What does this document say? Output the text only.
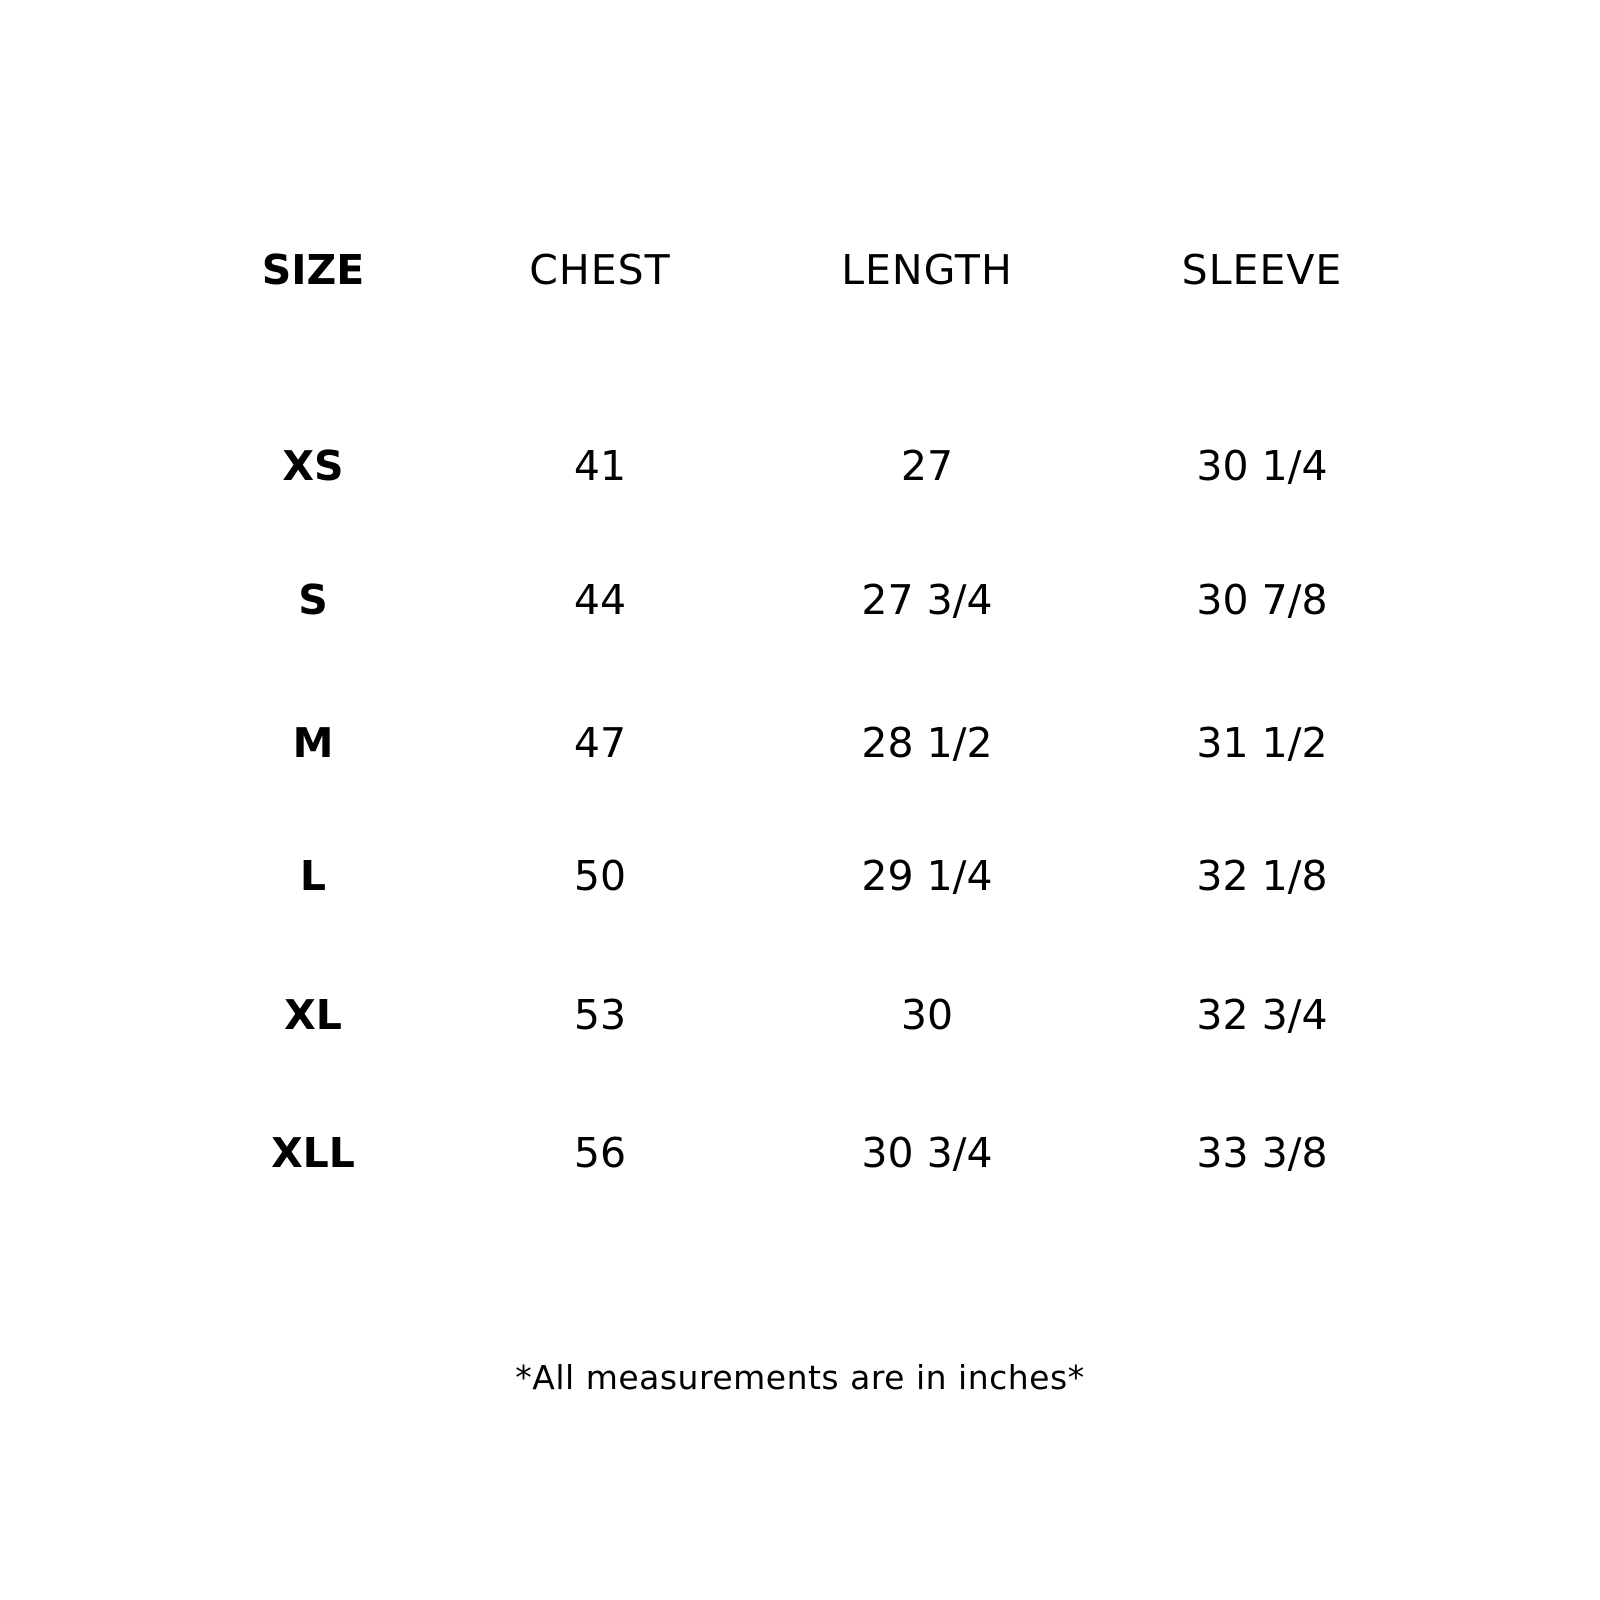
SIZE	CHEST	LENGTH	SLEEVE
XS	41	27	30 1/4
S	44	27 3/4	30 7/8
M	47	28 1/2	31 1/2
L	50	29 1/4	32 1/8
XL	53	30	32 3/4
XLL	56	30 3/4	33 3/8
*All measurements are in inches*
